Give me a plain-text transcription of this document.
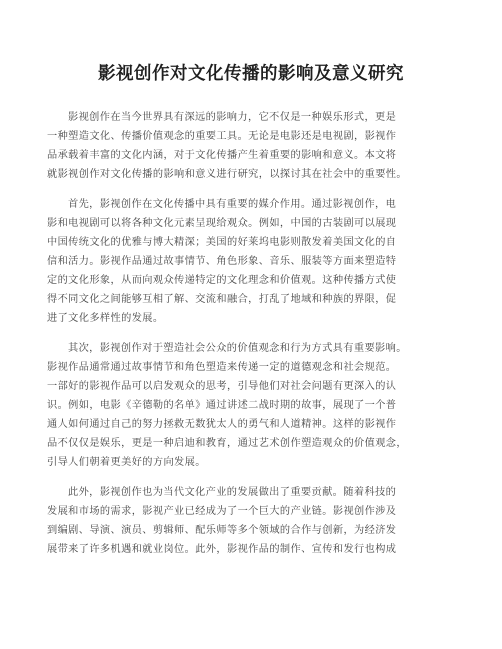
影视创作对文化传播的影响及意义研究

影视创作在当今世界具有深远的影响力，它不仅是一种娱乐形式，更是
一种塑造文化、传播价值观念的重要工具。无论是电影还是电视剧，影视作
品承载着丰富的文化内涵，对于文化传播产生着重要的影响和意义。本文将
就影视创作对文化传播的影响和意义进行研究，以探讨其在社会中的重要性。

首先，影视创作在文化传播中具有重要的媒介作用。通过影视创作，电
影和电视剧可以将各种文化元素呈现给观众。例如，中国的古装剧可以展现
中国传统文化的优雅与博大精深；美国的好莱坞电影则散发着美国文化的自
信和活力。影视作品通过故事情节、角色形象、音乐、服装等方面来塑造特
定的文化形象，从而向观众传递特定的文化理念和价值观。这种传播方式使
得不同文化之间能够互相了解、交流和融合，打乱了地域和种族的界限，促
进了文化多样性的发展。

其次，影视创作对于塑造社会公众的价值观念和行为方式具有重要影响。
影视作品通常通过故事情节和角色塑造来传递一定的道德观念和社会规范。
一部好的影视作品可以启发观众的思考，引导他们对社会问题有更深入的认
识。例如，电影《辛德勒的名单》通过讲述二战时期的故事，展现了一个普
通人如何通过自己的努力拯救无数犹太人的勇气和人道精神。这样的影视作
品不仅仅是娱乐，更是一种启迪和教育，通过艺术创作塑造观众的价值观念，
引导人们朝着更美好的方向发展。

此外，影视创作也为当代文化产业的发展做出了重要贡献。随着科技的
发展和市场的需求，影视产业已经成为了一个巨大的产业链。影视创作涉及
到编剧、导演、演员、剪辑师、配乐师等多个领域的合作与创新，为经济发
展带来了许多机遇和就业岗位。此外，影视作品的制作、宣传和发行也构成
